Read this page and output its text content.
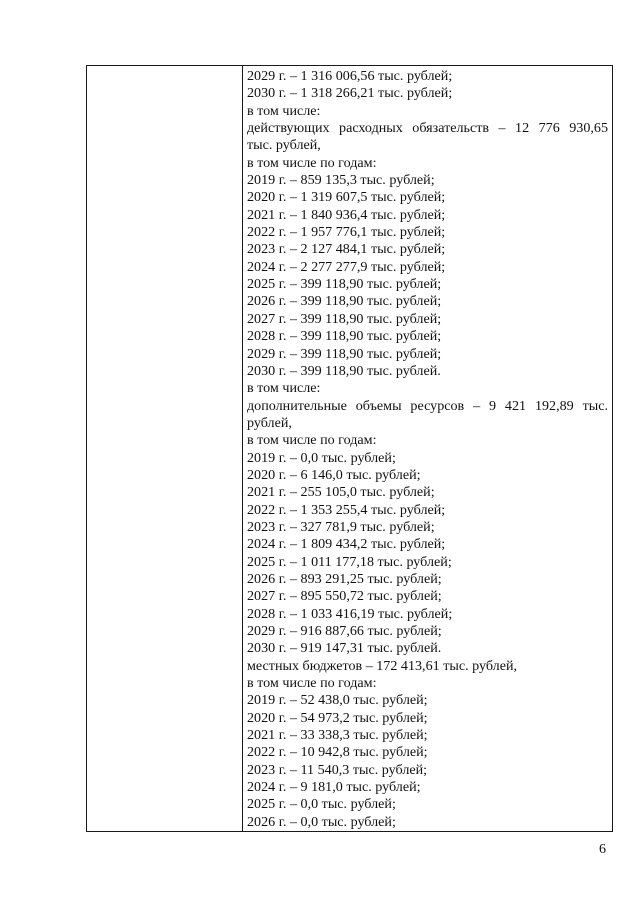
2029 г. – 1 316 006,56 тыс. рублей;
2030 г. – 1 318 266,21 тыс. рублей;
в том числе:
действующих расходных обязательств – 12 776 930,65
тыс. рублей,
в том числе по годам:
2019 г. – 859 135,3 тыс. рублей;
2020 г. – 1 319 607,5 тыс. рублей;
2021 г. – 1 840 936,4 тыс. рублей;
2022 г. – 1 957 776,1 тыс. рублей;
2023 г. – 2 127 484,1 тыс. рублей;
2024 г. – 2 277 277,9 тыс. рублей;
2025 г. – 399 118,90 тыс. рублей;
2026 г. – 399 118,90 тыс. рублей;
2027 г. – 399 118,90 тыс. рублей;
2028 г. – 399 118,90 тыс. рублей;
2029 г. – 399 118,90 тыс. рублей;
2030 г. – 399 118,90 тыс. рублей.
в том числе:
дополнительные объемы ресурсов – 9 421 192,89 тыс.
рублей,
в том числе по годам:
2019 г. – 0,0 тыс. рублей;
2020 г. – 6 146,0 тыс. рублей;
2021 г. – 255 105,0 тыс. рублей;
2022 г. – 1 353 255,4 тыс. рублей;
2023 г. – 327 781,9 тыс. рублей;
2024 г. – 1 809 434,2 тыс. рублей;
2025 г. – 1 011 177,18 тыс. рублей;
2026 г. – 893 291,25 тыс. рублей;
2027 г. – 895 550,72 тыс. рублей;
2028 г. – 1 033 416,19 тыс. рублей;
2029 г. – 916 887,66 тыс. рублей;
2030 г. – 919 147,31 тыс. рублей.
местных бюджетов – 172 413,61 тыс. рублей,
в том числе по годам:
2019 г. – 52 438,0 тыс. рублей;
2020 г. – 54 973,2 тыс. рублей;
2021 г. – 33 338,3 тыс. рублей;
2022 г. – 10 942,8 тыс. рублей;
2023 г. – 11 540,3 тыс. рублей;
2024 г. – 9 181,0 тыс. рублей;
2025 г. – 0,0 тыс. рублей;
2026 г. – 0,0 тыс. рублей;
6
